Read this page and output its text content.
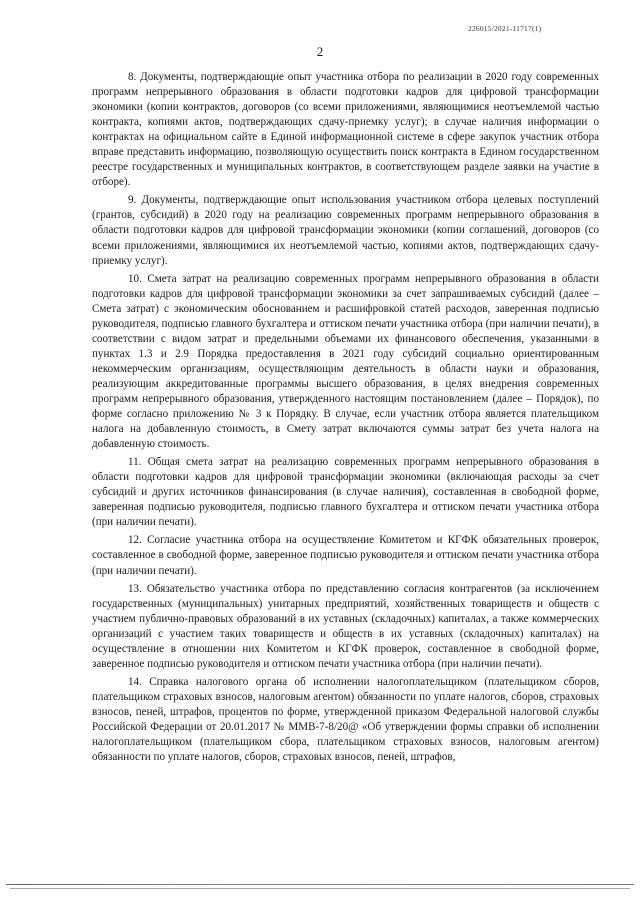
226015/2021-11717(1)
2

8. Документы, подтверждающие опыт участника отбора по реализации в 2020 году современных программ непрерывного образования в области подготовки кадров для цифровой трансформации экономики (копии контрактов, договоров (со всеми приложениями, являющимися неотъемлемой частью контракта, копиями актов, подтверждающих сдачу-приемку услуг); в случае наличия информации о контрактах на официальном сайте в Единой информационной системе в сфере закупок участник отбора вправе представить информацию, позволяющую осуществить поиск контракта в Едином государственном реестре государственных и муниципальных контрактов, в соответствующем разделе заявки на участие в отборе).

9. Документы, подтверждающие опыт использования участником отбора целевых поступлений (грантов, субсидий) в 2020 году на реализацию современных программ непрерывного образования в области подготовки кадров для цифровой трансформации экономики (копии соглашений, договоров (со всеми приложениями, являющимися их неотъемлемой частью, копиями актов, подтверждающих сдачу-приемку услуг).

10. Смета затрат на реализацию современных программ непрерывного образования в области подготовки кадров для цифровой трансформации экономики за счет запрашиваемых субсидий (далее – Смета затрат) с экономическим обоснованием и расшифровкой статей расходов, заверенная подписью руководителя, подписью главного бухгалтера и оттиском печати участника отбора (при наличии печати), в соответствии с видом затрат и предельными объемами их финансового обеспечения, указанными в пунктах 1.3 и 2.9 Порядка предоставления в 2021 году субсидий социально ориентированным некоммерческим организациям, осуществляющим деятельность в области науки и образования, реализующим аккредитованные программы высшего образования, в целях внедрения современных программ непрерывного образования, утвержденного настоящим постановлением (далее – Порядок), по форме согласно приложению № 3 к Порядку. В случае, если участник отбора является плательщиком налога на добавленную стоимость, в Смету затрат включаются суммы затрат без учета налога на добавленную стоимость.

11. Общая смета затрат на реализацию современных программ непрерывного образования в области подготовки кадров для цифровой трансформации экономики (включающая расходы за счет субсидий и других источников финансирования (в случае наличия), составленная в свободной форме, заверенная подписью руководителя, подписью главного бухгалтера и оттиском печати участника отбора (при наличии печати).

12. Согласие участника отбора на осуществление Комитетом и КГФК обязательных проверок, составленное в свободной форме, заверенное подписью руководителя и оттиском печати участника отбора (при наличии печати).

13. Обязательство участника отбора по представлению согласия контрагентов (за исключением государственных (муниципальных) унитарных предприятий, хозяйственных товариществ и обществ с участием публично-правовых образований в их уставных (складочных) капиталах, а также коммерческих организаций с участием таких товариществ и обществ в их уставных (складочных) капиталах) на осуществление в отношении них Комитетом и КГФК проверок, составленное в свободной форме, заверенное подписью руководителя и оттиском печати участника отбора (при наличии печати).

14. Справка налогового органа об исполнении налогоплательщиком (плательщиком сборов, плательщиком страховых взносов, налоговым агентом) обязанности по уплате налогов, сборов, страховых взносов, пеней, штрафов, процентов по форме, утвержденной приказом Федеральной налоговой службы Российской Федерации от 20.01.2017 № ММВ-7-8/20@ «Об утверждении формы справки об исполнении налогоплательщиком (плательщиком сбора, плательщиком страховых взносов, налоговым агентом) обязанности по уплате налогов, сборов, страховых взносов, пеней, штрафов,
